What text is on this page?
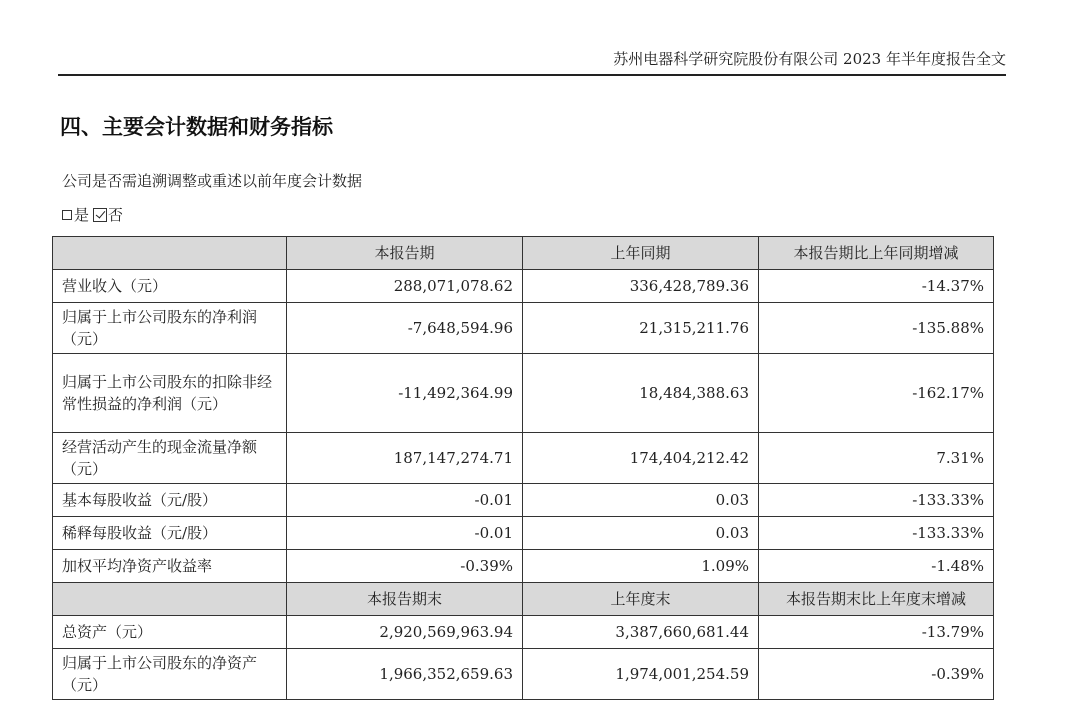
苏州电器科学研究院股份有限公司 2023 年半年度报告全文
四、主要会计数据和财务指标
公司是否需追溯调整或重述以前年度会计数据
是 否
	本报告期	上年同期	本报告期比上年同期增减
营业收入（元）	288,071,078.62	336,428,789.36	-14.37%
归属于上市公司股东的净利润（元）	-7,648,594.96	21,315,211.76	-135.88%
归属于上市公司股东的扣除非经常性损益的净利润（元）	-11,492,364.99	18,484,388.63	-162.17%
经营活动产生的现金流量净额（元）	187,147,274.71	174,404,212.42	7.31%
基本每股收益（元/股）	-0.01	0.03	-133.33%
稀释每股收益（元/股）	-0.01	0.03	-133.33%
加权平均净资产收益率	-0.39%	1.09%	-1.48%
	本报告期末	上年度末	本报告期末比上年度末增减
总资产（元）	2,920,569,963.94	3,387,660,681.44	-13.79%
归属于上市公司股东的净资产（元）	1,966,352,659.63	1,974,001,254.59	-0.39%
